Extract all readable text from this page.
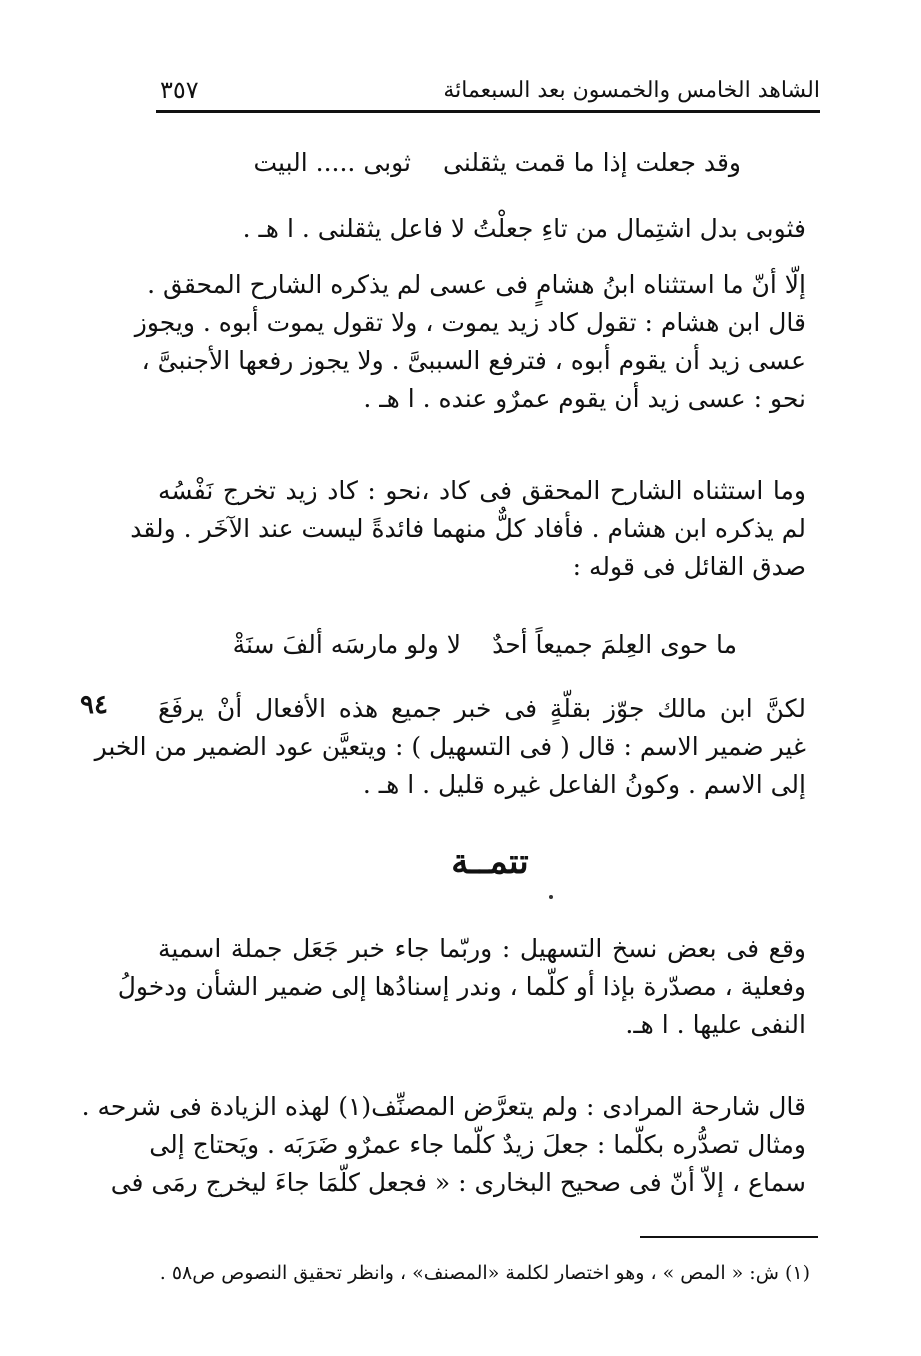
الشاهد الخامس والخمسون بعد السبعمائة
٣٥٧
وقد جعلت إذا ما قمت يثقلنى
ثوبى ..... البيت
فثوبى بدل اشتِمال من تاءِ جعلْتُ لا فاعل يثقلنى . ا هـ .
إلّا أنّ ما استثناه ابنُ هشامٍ فى عسى لم يذكره الشارح المحقق .
قال ابن هشام : تقول كاد زيد يموت ، ولا تقول يموت أبوه . ويجوز
عسى زيد أن يقوم أبوه ، فترفع السببىَّ . ولا يجوز رفعها الأجنبىَّ ،
نحو : عسى زيد أن يقوم عمرٌو عنده . ا هـ .
وما استثناه الشارح المحقق فى كاد ،نحو : كاد زيد تخرج نَفْسُه
لم يذكره ابن هشام . فأفاد كلٌّ منهما فائدةً ليست عند الآخَر . ولقد
صدق القائل فى قوله :
ما حوى العِلمَ جميعاً أحدٌ
لا ولو مارسَه ألفَ سنَةْ
٩٤ لكنَّ ابن مالك جوّز بقلّةٍ فى خبر جميع هذه الأفعال أنْ يرفَعَ
غير ضمير الاسم : قال ( فى التسهيل ) : ويتعيَّن عود الضمير من الخبر
إلى الاسم . وكونُ الفاعل غيره قليل . ا هـ .
تتمــة
وقع فى بعض نسخ التسهيل : وربّما جاء خبر جَعَل جملة اسمية
وفعلية ، مصدّرة بإذا أو كلّما ، وندر إسنادُها إلى ضمير الشأن ودخولُ
النفى عليها . ا هـ.
قال شارحة المرادى : ولم يتعرَّض المصنِّف(١) لهذه الزيادة فى شرحه .
ومثال تصدُّره بكلّما : جعلَ زيدٌ كلّما جاء عمرٌو ضَرَبَه . ويَحتاج إلى
سماع ، إلاّ أنّ فى صحيح البخارى : « فجعل كلّمَا جاءَ ليخرج رمَى فى
(١) ش: « المص » ، وهو اختصار لكلمة «المصنف» ، وانظر تحقيق النصوص ص٥٨ .
